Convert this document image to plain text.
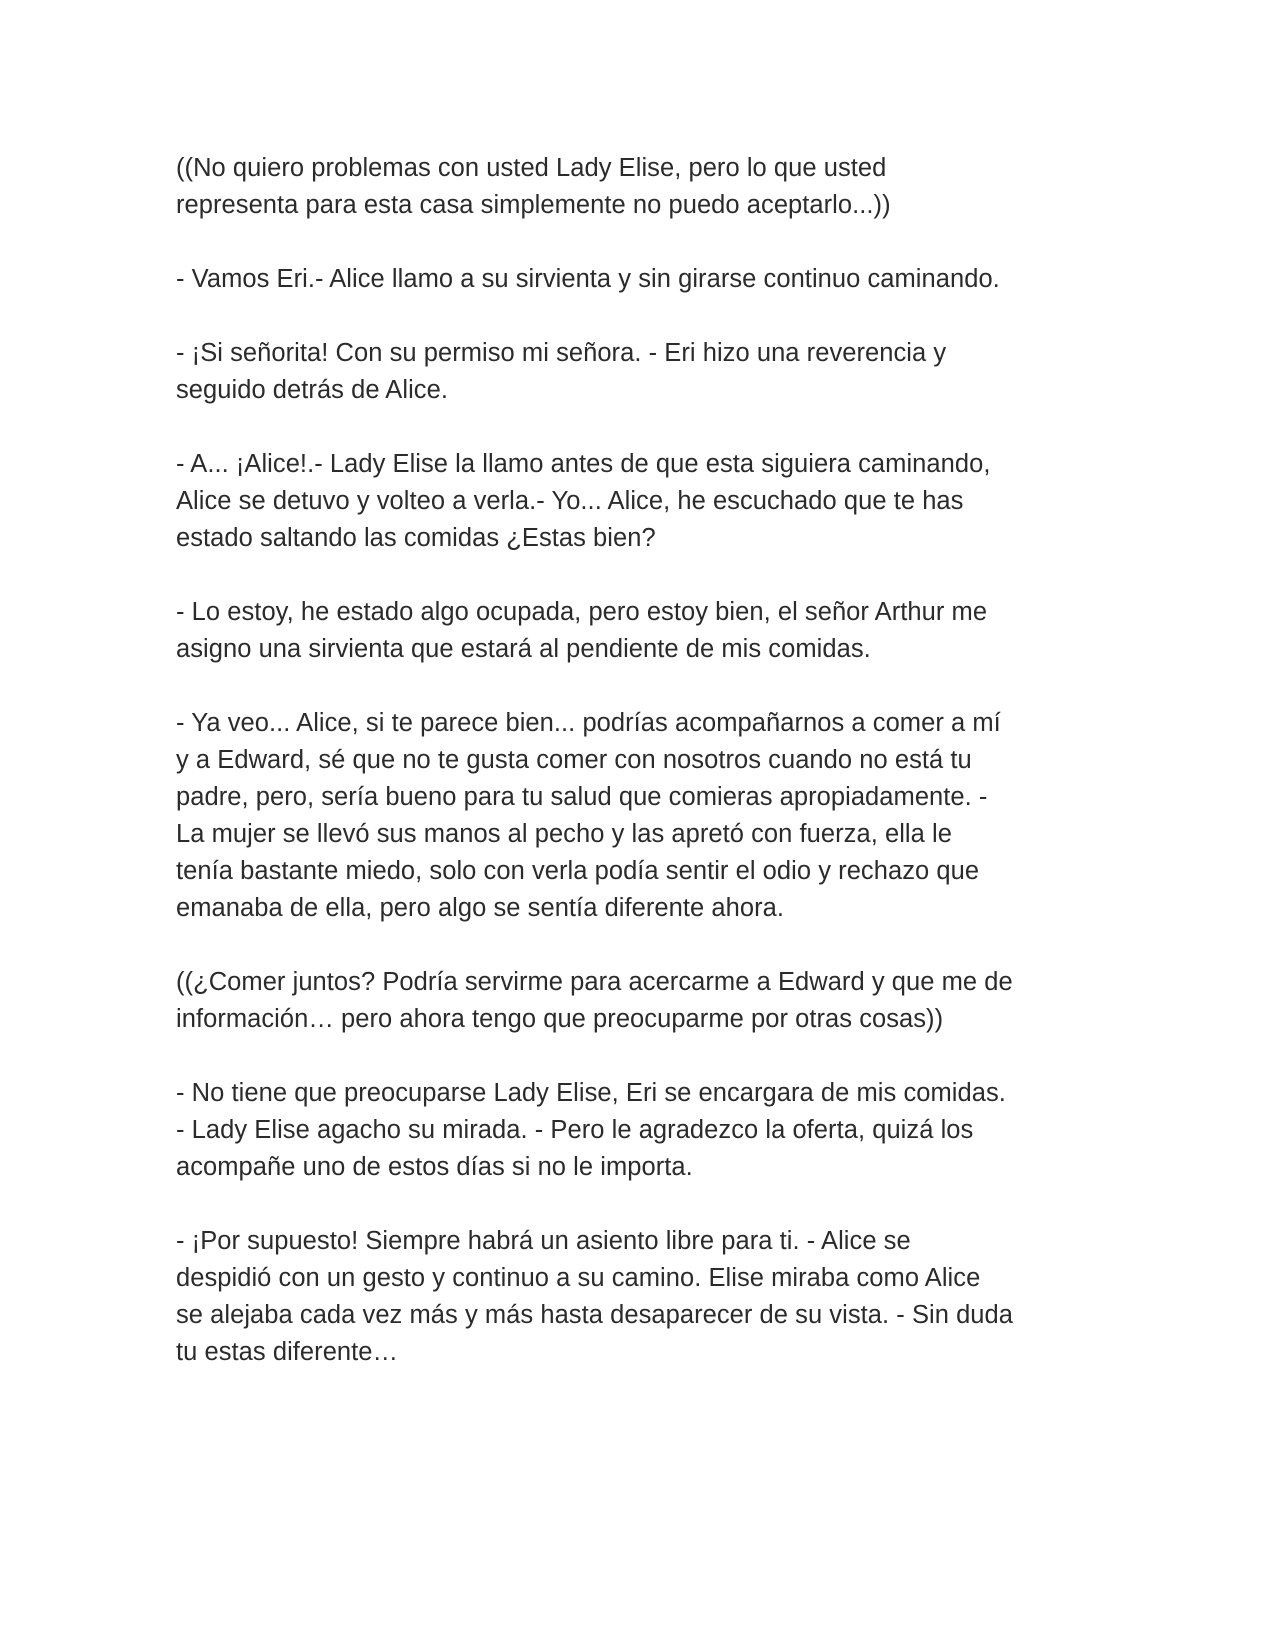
((No quiero problemas con usted Lady Elise, pero lo que usted
representa para esta casa simplemente no puedo aceptarlo...))

- Vamos Eri.- Alice llamo a su sirvienta y sin girarse continuo caminando.

- ¡Si señorita! Con su permiso mi señora. - Eri hizo una reverencia y
seguido detrás de Alice.

- A... ¡Alice!.- Lady Elise la llamo antes de que esta siguiera caminando,
Alice se detuvo y volteo a verla.- Yo... Alice, he escuchado que te has
estado saltando las comidas ¿Estas bien?

- Lo estoy, he estado algo ocupada, pero estoy bien, el señor Arthur me
asigno una sirvienta que estará al pendiente de mis comidas.

- Ya veo... Alice, si te parece bien... podrías acompañarnos a comer a mí
y a Edward, sé que no te gusta comer con nosotros cuando no está tu
padre, pero, sería bueno para tu salud que comieras apropiadamente. -
La mujer se llevó sus manos al pecho y las apretó con fuerza, ella le
tenía bastante miedo, solo con verla podía sentir el odio y rechazo que
emanaba de ella, pero algo se sentía diferente ahora.

((¿Comer juntos? Podría servirme para acercarme a Edward y que me de
información… pero ahora tengo que preocuparme por otras cosas))

- No tiene que preocuparse Lady Elise, Eri se encargara de mis comidas.
- Lady Elise agacho su mirada. - Pero le agradezco la oferta, quizá los
acompañe uno de estos días si no le importa.

- ¡Por supuesto! Siempre habrá un asiento libre para ti. - Alice se
despidió con un gesto y continuo a su camino. Elise miraba como Alice
se alejaba cada vez más y más hasta desaparecer de su vista. - Sin duda
tu estas diferente…
